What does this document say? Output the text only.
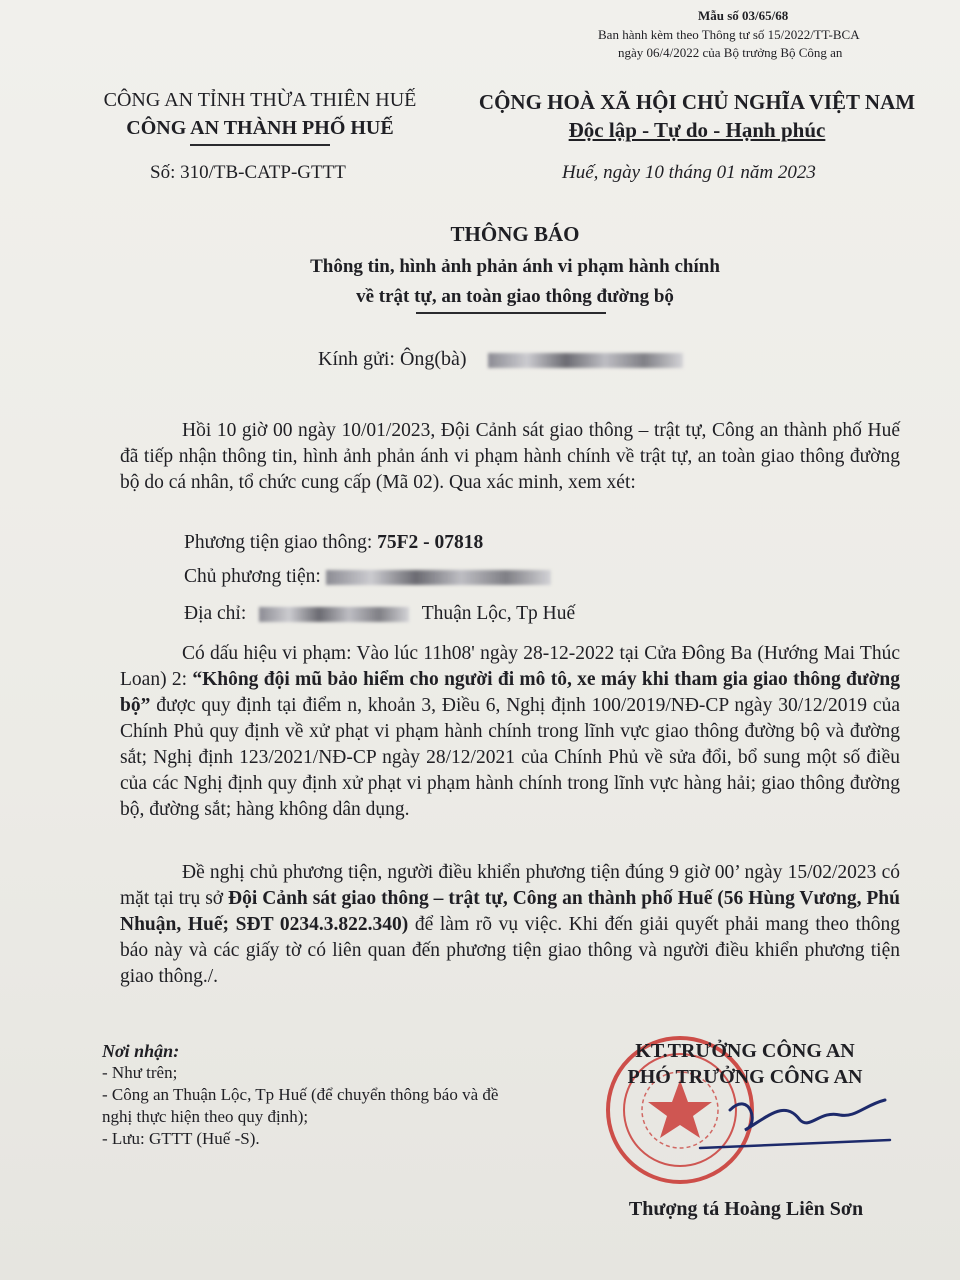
Mẫu số 03/65/68
Ban hành kèm theo Thông tư số 15/2022/TT-BCA
ngày 06/4/2022 của Bộ trưởng Bộ Công an
CÔNG AN TỈNH THỪA THIÊN HUẾ
CÔNG AN THÀNH PHỐ HUẾ
CỘNG HOÀ XÃ HỘI CHỦ NGHĨA VIỆT NAM
Độc lập - Tự do - Hạnh phúc
Số: 310/TB-CATP-GTTT	Huế, ngày 10 tháng 01 năm 2023
THÔNG BÁO
Thông tin, hình ảnh phản ánh vi phạm hành chính
về trật tự, an toàn giao thông đường bộ
Kính gửi: Ông(bà)
Hồi 10 giờ 00 ngày 10/01/2023, Đội Cảnh sát giao thông – trật tự, Công an thành phố Huế đã tiếp nhận thông tin, hình ảnh phản ánh vi phạm hành chính về trật tự, an toàn giao thông đường bộ do cá nhân, tổ chức cung cấp (Mã 02). Qua xác minh, xem xét:
Phương tiện giao thông: 75F2 - 07818
Chủ phương tiện:
Địa chỉ:	Thuận Lộc, Tp Huế
Có dấu hiệu vi phạm: Vào lúc 11h08' ngày 28-12-2022 tại Cửa Đông Ba (Hướng Mai Thúc Loan) 2: “Không đội mũ bảo hiểm cho người đi mô tô, xe máy khi tham gia giao thông đường bộ” được quy định tại điểm n, khoản 3, Điều 6, Nghị định 100/2019/NĐ-CP ngày 30/12/2019 của Chính Phủ quy định về xử phạt vi phạm hành chính trong lĩnh vực giao thông đường bộ và đường sắt; Nghị định 123/2021/NĐ-CP ngày 28/12/2021 của Chính Phủ về sửa đổi, bổ sung một số điều của các Nghị định quy định xử phạt vi phạm hành chính trong lĩnh vực hàng hải; giao thông đường bộ, đường sắt; hàng không dân dụng.
Đề nghị chủ phương tiện, người điều khiển phương tiện đúng 9 giờ 00’ ngày 15/02/2023 có mặt tại trụ sở Đội Cảnh sát giao thông – trật tự, Công an thành phố Huế (56 Hùng Vương, Phú Nhuận, Huế; SĐT 0234.3.822.340) để làm rõ vụ việc. Khi đến giải quyết phải mang theo thông báo này và các giấy tờ có liên quan đến phương tiện giao thông và người điều khiển phương tiện giao thông./.
Nơi nhận:
- Như trên;
- Công an Thuận Lộc, Tp Huế (để chuyển thông báo và đề nghị thực hiện theo quy định);
- Lưu: GTTT (Huế -S).
KT.TRƯỞNG CÔNG AN
PHÓ TRƯỞNG CÔNG AN
Thượng tá Hoàng Liên Sơn
